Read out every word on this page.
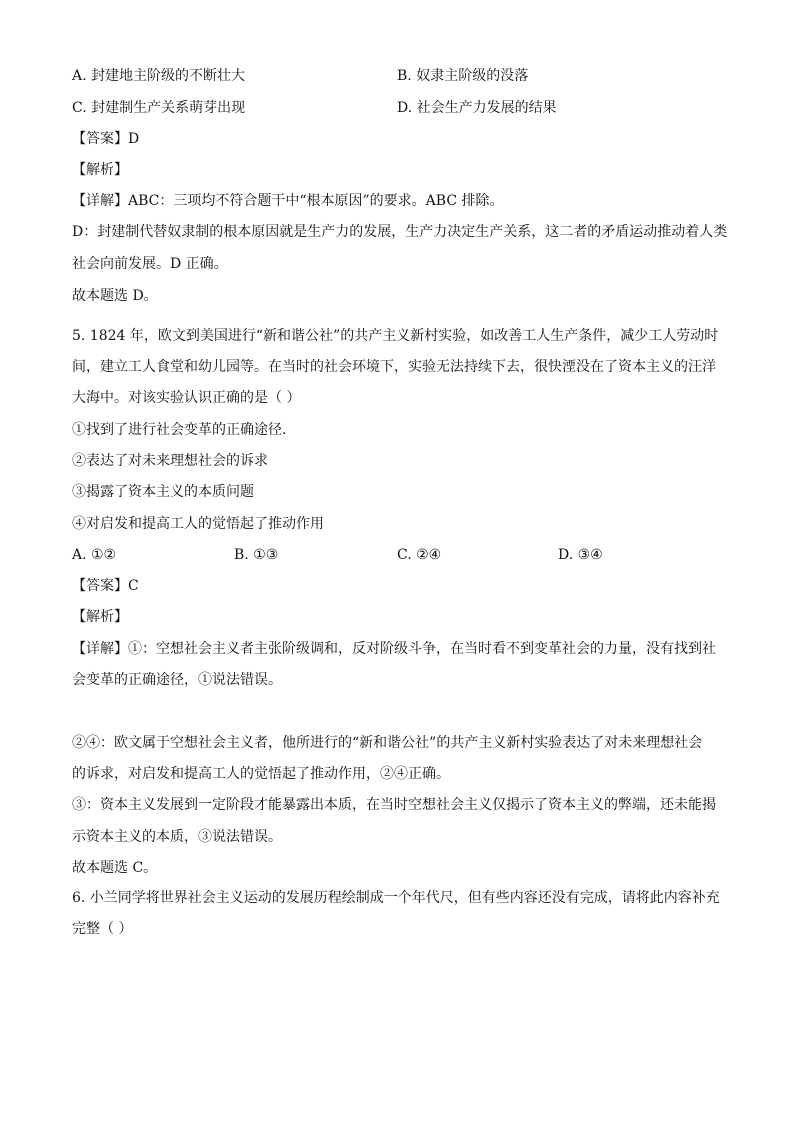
A. 封建地主阶级的不断壮大	B. 奴隶主阶级的没落
C. 封建制生产关系萌芽出现	D. 社会生产力发展的结果
【答案】D
【解析】
【详解】ABC：三项均不符合题干中“根本原因”的要求。ABC 排除。
D：封建制代替奴隶制的根本原因就是生产力的发展，生产力决定生产关系，这二者的矛盾运动推动着人类
社会向前发展。D 正确。
故本题选 D。
5. 1824 年，欧文到美国进行“新和谐公社”的共产主义新村实验，如改善工人生产条件，减少工人劳动时
间，建立工人食堂和幼儿园等。在当时的社会环境下，实验无法持续下去，很快湮没在了资本主义的汪洋
大海中。对该实验认识正确的是（ ）
①找到了进行社会变革的正确途径.
②表达了对未来理想社会的诉求
③揭露了资本主义的本质问题
④对启发和提高工人的觉悟起了推动作用
A. ①②	B. ①③	C. ②④	D. ③④
【答案】C
【解析】
【详解】①：空想社会主义者主张阶级调和，反对阶级斗争，在当时看不到变革社会的力量，没有找到社
会变革的正确途径，①说法错误。
②④：欧文属于空想社会主义者，他所进行的“新和谐公社”的共产主义新村实验表达了对未来理想社会
的诉求，对启发和提高工人的觉悟起了推动作用，②④正确。
③：资本主义发展到一定阶段才能暴露出本质，在当时空想社会主义仅揭示了资本主义的弊端，还未能揭
示资本主义的本质，③说法错误。
故本题选 C。
6. 小兰同学将世界社会主义运动的发展历程绘制成一个年代尺，但有些内容还没有完成，请将此内容补充
完整（ ）
